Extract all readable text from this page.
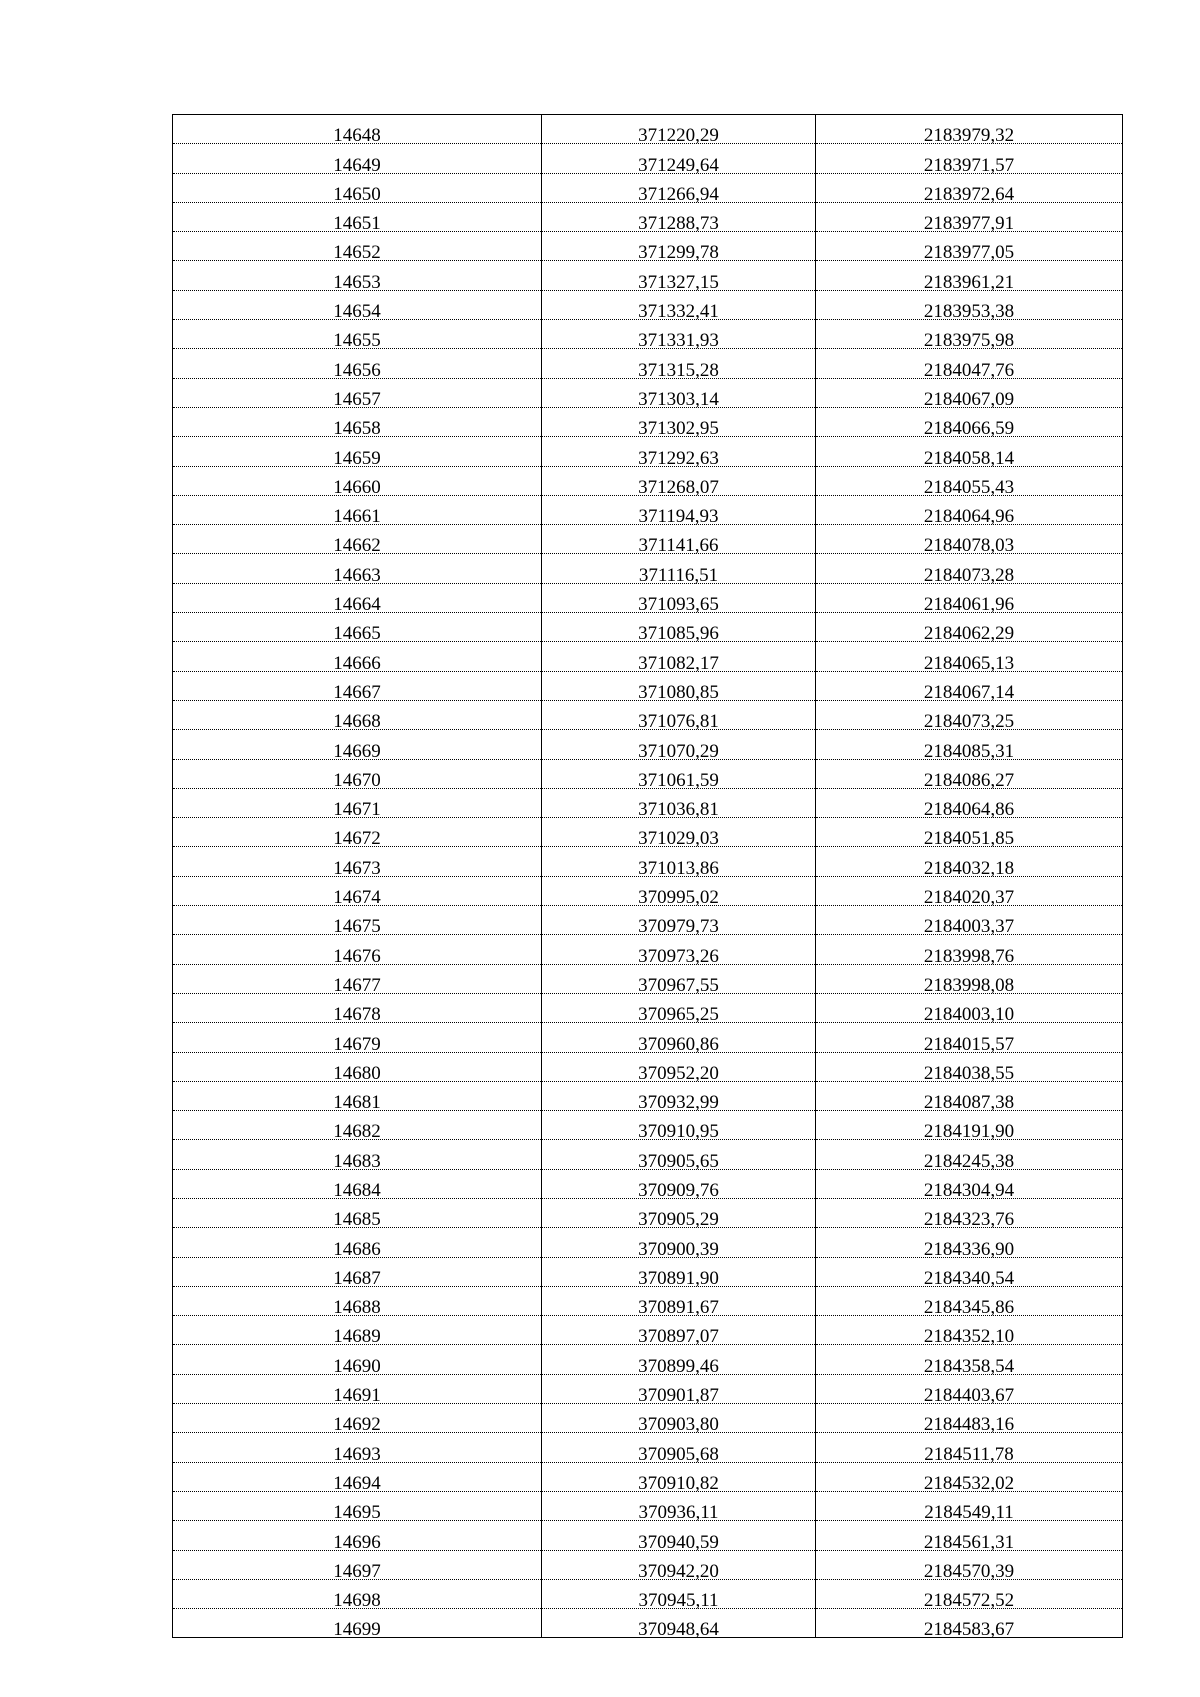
14648	371220,29	2183979,32
14649	371249,64	2183971,57
14650	371266,94	2183972,64
14651	371288,73	2183977,91
14652	371299,78	2183977,05
14653	371327,15	2183961,21
14654	371332,41	2183953,38
14655	371331,93	2183975,98
14656	371315,28	2184047,76
14657	371303,14	2184067,09
14658	371302,95	2184066,59
14659	371292,63	2184058,14
14660	371268,07	2184055,43
14661	371194,93	2184064,96
14662	371141,66	2184078,03
14663	371116,51	2184073,28
14664	371093,65	2184061,96
14665	371085,96	2184062,29
14666	371082,17	2184065,13
14667	371080,85	2184067,14
14668	371076,81	2184073,25
14669	371070,29	2184085,31
14670	371061,59	2184086,27
14671	371036,81	2184064,86
14672	371029,03	2184051,85
14673	371013,86	2184032,18
14674	370995,02	2184020,37
14675	370979,73	2184003,37
14676	370973,26	2183998,76
14677	370967,55	2183998,08
14678	370965,25	2184003,10
14679	370960,86	2184015,57
14680	370952,20	2184038,55
14681	370932,99	2184087,38
14682	370910,95	2184191,90
14683	370905,65	2184245,38
14684	370909,76	2184304,94
14685	370905,29	2184323,76
14686	370900,39	2184336,90
14687	370891,90	2184340,54
14688	370891,67	2184345,86
14689	370897,07	2184352,10
14690	370899,46	2184358,54
14691	370901,87	2184403,67
14692	370903,80	2184483,16
14693	370905,68	2184511,78
14694	370910,82	2184532,02
14695	370936,11	2184549,11
14696	370940,59	2184561,31
14697	370942,20	2184570,39
14698	370945,11	2184572,52
14699	370948,64	2184583,67
